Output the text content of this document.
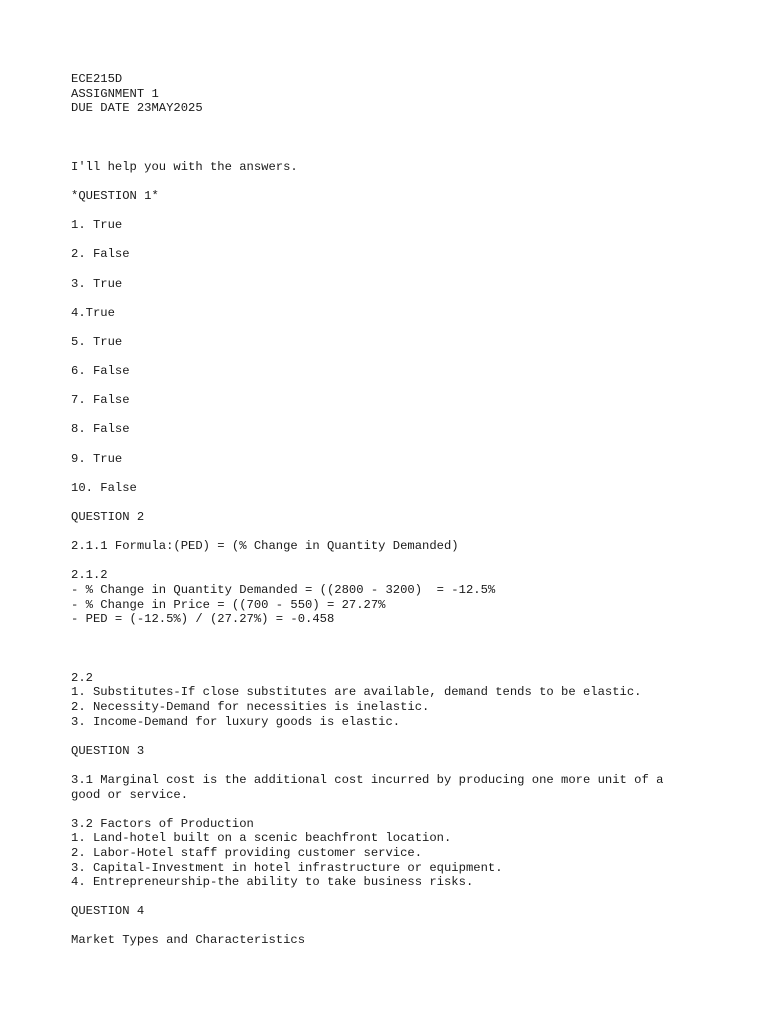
ECE215D
ASSIGNMENT 1
DUE DATE 23MAY2025
I'll help you with the answers.
*QUESTION 1*
1. True
2. False
3. True
4.True
5. True
6. False
7. False
8. False
9. True
10. False
QUESTION 2
2.1.1 Formula:(PED) = (% Change in Quantity Demanded)
2.1.2
- % Change in Quantity Demanded = ((2800 - 3200)  = -12.5%
- % Change in Price = ((700 - 550) = 27.27%
- PED = (-12.5%) / (27.27%) = -0.458
2.2
1. Substitutes-If close substitutes are available, demand tends to be elastic.
2. Necessity-Demand for necessities is inelastic.
3. Income-Demand for luxury goods is elastic.
QUESTION 3
3.1 Marginal cost is the additional cost incurred by producing one more unit of a
good or service.
3.2 Factors of Production
1. Land-hotel built on a scenic beachfront location.
2. Labor-Hotel staff providing customer service.
3. Capital-Investment in hotel infrastructure or equipment.
4. Entrepreneurship-the ability to take business risks.
QUESTION 4
Market Types and Characteristics
